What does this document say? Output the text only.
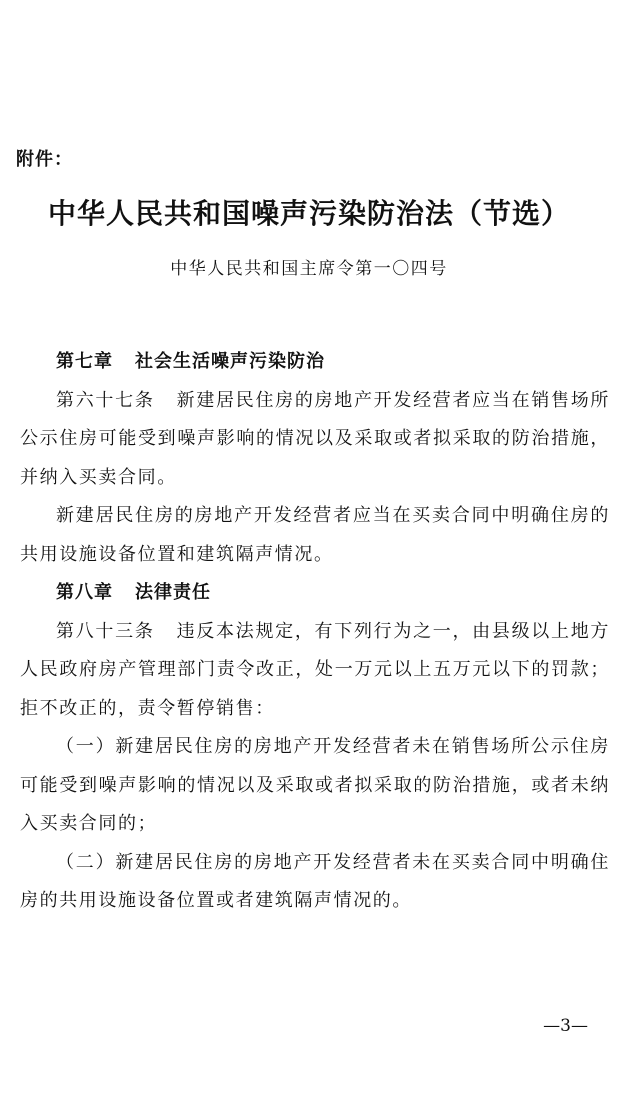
附件：
中华人民共和国噪声污染防治法（节选）
中华人民共和国主席令第一〇四号

第七章 社会生活噪声污染防治

第六十七条 新建居民住房的房地产开发经营者应当在销售场所公示住房可能受到噪声影响的情况以及采取或者拟采取的防治措施，并纳入买卖合同。

新建居民住房的房地产开发经营者应当在买卖合同中明确住房的共用设施设备位置和建筑隔声情况。

第八章 法律责任

第八十三条 违反本法规定，有下列行为之一，由县级以上地方人民政府房产管理部门责令改正，处一万元以上五万元以下的罚款；拒不改正的，责令暂停销售：

（一）新建居民住房的房地产开发经营者未在销售场所公示住房可能受到噪声影响的情况以及采取或者拟采取的防治措施，或者未纳入买卖合同的；

（二）新建居民住房的房地产开发经营者未在买卖合同中明确住房的共用设施设备位置或者建筑隔声情况的。

—3—
